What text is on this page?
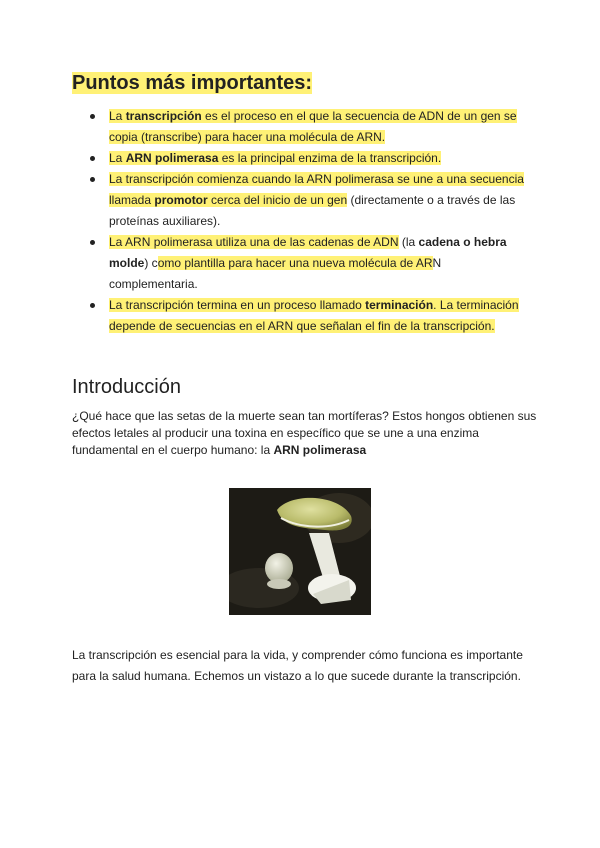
Puntos más importantes:
La transcripción es el proceso en el que la secuencia de ADN de un gen se copia (transcribe) para hacer una molécula de ARN.
La ARN polimerasa es la principal enzima de la transcripción.
La transcripción comienza cuando la ARN polimerasa se une a una secuencia llamada promotor cerca del inicio de un gen (directamente o a través de las proteínas auxiliares).
La ARN polimerasa utiliza una de las cadenas de ADN (la cadena o hebra molde) como plantilla para hacer una nueva molécula de ARN complementaria.
La transcripción termina en un proceso llamado terminación. La terminación depende de secuencias en el ARN que señalan el fin de la transcripción.
Introducción

¿Qué hace que las setas de la muerte sean tan mortíferas? Estos hongos obtienen sus efectos letales al producir una toxina en específico que se une a una enzima fundamental en el cuerpo humano: la ARN polimerasa

La transcripción es esencial para la vida, y comprender cómo funciona es importante para la salud humana. Echemos un vistazo a lo que sucede durante la transcripción.
